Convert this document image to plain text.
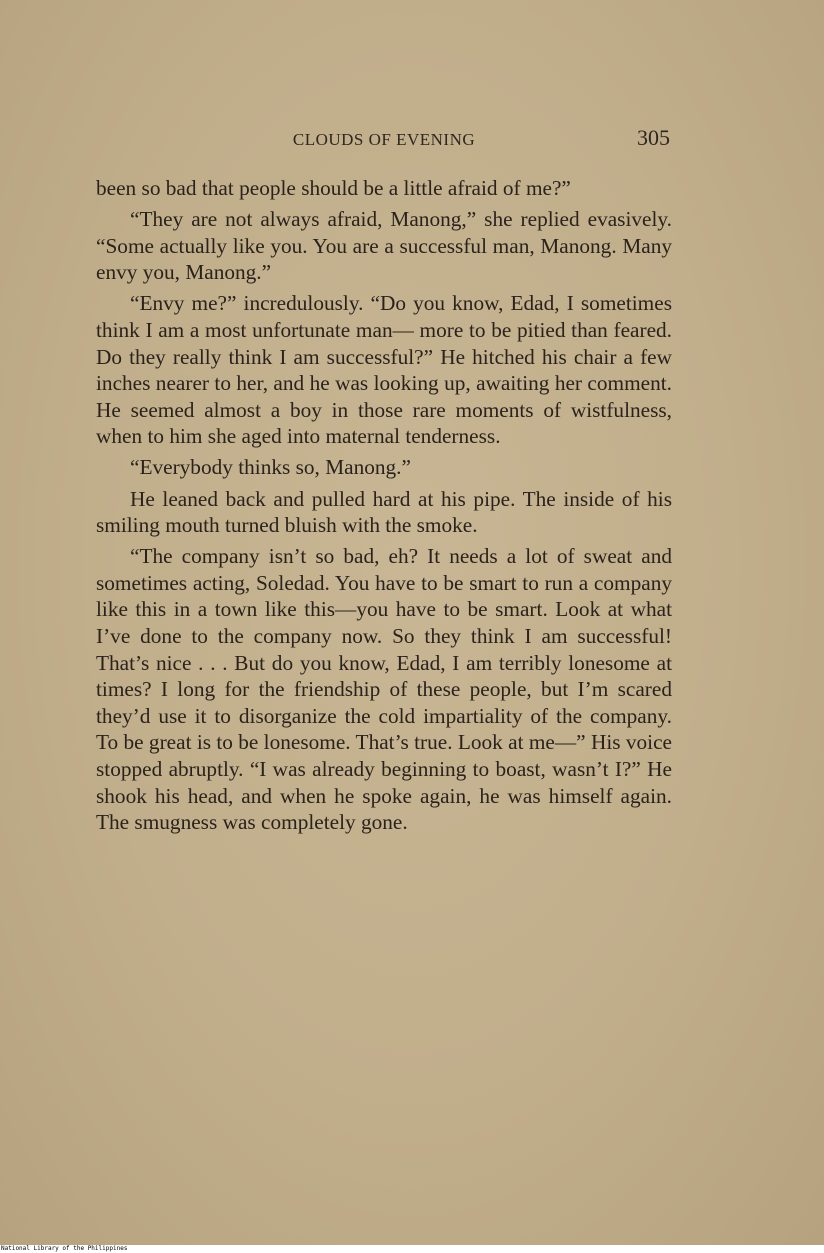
CLOUDS OF EVENING	305

been so bad that people should be a little afraid of me?”

“They are not always afraid, Manong,” she replied evasively. “Some actually like you. You are a successful man, Manong. Many envy you, Manong.”

“Envy me?” incredulously. “Do you know, Edad, I sometimes think I am a most unfortunate man— more to be pitied than feared. Do they really think I am successful?” He hitched his chair a few inches nearer to her, and he was looking up, awaiting her comment. He seemed almost a boy in those rare moments of wistfulness, when to him she aged into maternal tenderness.

“Everybody thinks so, Manong.”

He leaned back and pulled hard at his pipe. The inside of his smiling mouth turned bluish with the smoke.

“The company isn’t so bad, eh? It needs a lot of sweat and sometimes acting, Soledad. You have to be smart to run a company like this in a town like this—you have to be smart. Look at what I’ve done to the company now. So they think I am successful! That’s nice . . . But do you know, Edad, I am terribly lonesome at times? I long for the friendship of these people, but I’m scared they’d use it to disorganize the cold impartiality of the company. To be great is to be lonesome. That’s true. Look at me—” His voice stopped abruptly. “I was already beginning to boast, wasn’t I?” He shook his head, and when he spoke again, he was himself again. The smugness was completely gone.

National Library of the Philippines
